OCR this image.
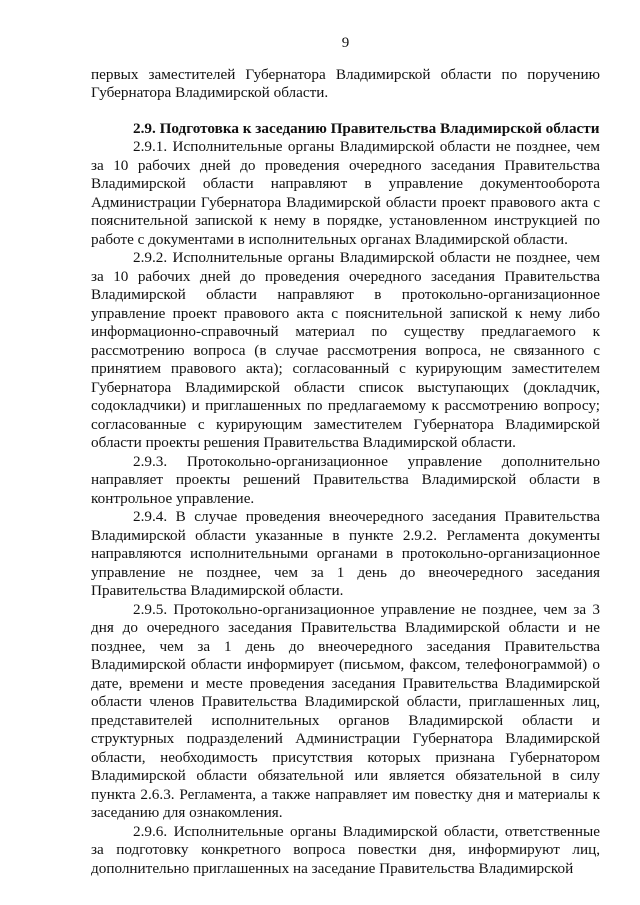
9

первых заместителей Губернатора Владимирской области по поручению Губернатора Владимирской области.

2.9. Подготовка к заседанию Правительства Владимирской области

2.9.1. Исполнительные органы Владимирской области не позднее, чем за 10 рабочих дней до проведения очередного заседания Правительства Владимирской области направляют в управление документооборота Администрации Губернатора Владимирской области проект правового акта с пояснительной запиской к нему в порядке, установленном инструкцией по работе с документами в исполнительных органах Владимирской области.

2.9.2. Исполнительные органы Владимирской области не позднее, чем за 10 рабочих дней до проведения очередного заседания Правительства Владимирской области направляют в протокольно-организационное управление проект правового акта с пояснительной запиской к нему либо информационно-справочный материал по существу предлагаемого к рассмотрению вопроса (в случае рассмотрения вопроса, не связанного с принятием правового акта); согласованный с курирующим заместителем Губернатора Владимирской области список выступающих (докладчик, содокладчики) и приглашенных по предлагаемому к рассмотрению вопросу; согласованные с курирующим заместителем Губернатора Владимирской области проекты решения Правительства Владимирской области.

2.9.3. Протокольно-организационное управление дополнительно направляет проекты решений Правительства Владимирской области в контрольное управление.

2.9.4. В случае проведения внеочередного заседания Правительства Владимирской области указанные в пункте 2.9.2. Регламента документы направляются исполнительными органами в протокольно-организационное управление не позднее, чем за 1 день до внеочередного заседания Правительства Владимирской области.

2.9.5. Протокольно-организационное управление не позднее, чем за 3 дня до очередного заседания Правительства Владимирской области и не позднее, чем за 1 день до внеочередного заседания Правительства Владимирской области информирует (письмом, факсом, телефонограммой) о дате, времени и месте проведения заседания Правительства Владимирской области членов Правительства Владимирской области, приглашенных лиц, представителей исполнительных органов Владимирской области и структурных подразделений Администрации Губернатора Владимирской области, необходимость присутствия которых признана Губернатором Владимирской области обязательной или является обязательной в силу пункта 2.6.3. Регламента, а также направляет им повестку дня и материалы к заседанию для ознакомления.

2.9.6. Исполнительные органы Владимирской области, ответственные за подготовку конкретного вопроса повестки дня, информируют лиц, дополнительно приглашенных на заседание Правительства Владимирской
